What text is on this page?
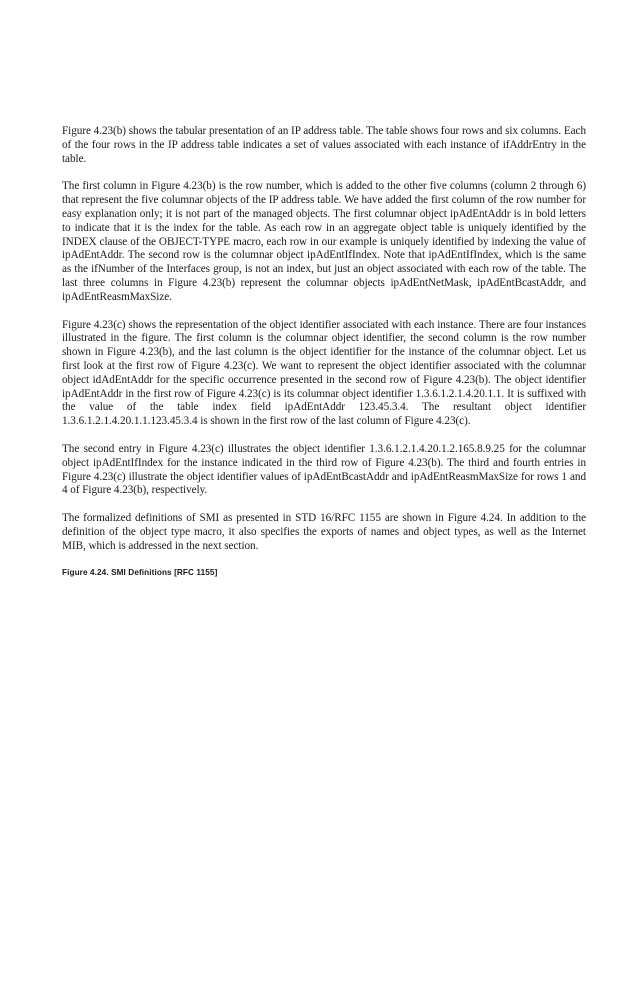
Figure 4.23(b) shows the tabular presentation of an IP address table. The table shows four rows and six columns. Each of the four rows in the IP address table indicates a set of values associated with each instance of ifAddrEntry in the table.

The first column in Figure 4.23(b) is the row number, which is added to the other five columns (column 2 through 6) that represent the five columnar objects of the IP address table. We have added the first column of the row number for easy explanation only; it is not part of the managed objects. The first columnar object ipAdEntAddr is in bold letters to indicate that it is the index for the table. As each row in an aggregate object table is uniquely identified by the INDEX clause of the OBJECT-TYPE macro, each row in our example is uniquely identified by indexing the value of ipAdEntAddr. The second row is the columnar object ipAdEntIfIndex. Note that ipAdEntIfIndex, which is the same as the ifNumber of the Interfaces group, is not an index, but just an object associated with each row of the table. The last three columns in Figure 4.23(b) represent the columnar objects ipAdEntNetMask, ipAdEntBcastAddr, and ipAdEntReasmMaxSize.

Figure 4.23(c) shows the representation of the object identifier associated with each instance. There are four instances illustrated in the figure. The first column is the columnar object identifier, the second column is the row number shown in Figure 4.23(b), and the last column is the object identifier for the instance of the columnar object. Let us first look at the first row of Figure 4.23(c). We want to represent the object identifier associated with the columnar object idAdEntAddr for the specific occurrence presented in the second row of Figure 4.23(b). The object identifier ipAdEntAddr in the first row of Figure 4.23(c) is its columnar object identifier 1.3.6.1.2.1.4.20.1.1. It is suffixed with the value of the table index field ipAdEntAddr 123.45.3.4. The resultant object identifier 1.3.6.1.2.1.4.20.1.1.123.45.3.4 is shown in the first row of the last column of Figure 4.23(c).

The second entry in Figure 4.23(c) illustrates the object identifier 1.3.6.1.2.1.4.20.1.2.165.8.9.25 for the columnar object ipAdEntIfIndex for the instance indicated in the third row of Figure 4.23(b). The third and fourth entries in Figure 4.23(c) illustrate the object identifier values of ipAdEntBcastAddr and ipAdEntReasmMaxSize for rows 1 and 4 of Figure 4.23(b), respectively.

The formalized definitions of SMI as presented in STD 16/RFC 1155 are shown in Figure 4.24. In addition to the definition of the object type macro, it also specifies the exports of names and object types, as well as the Internet MIB, which is addressed in the next section.

Figure 4.24. SMI Definitions [RFC 1155]
